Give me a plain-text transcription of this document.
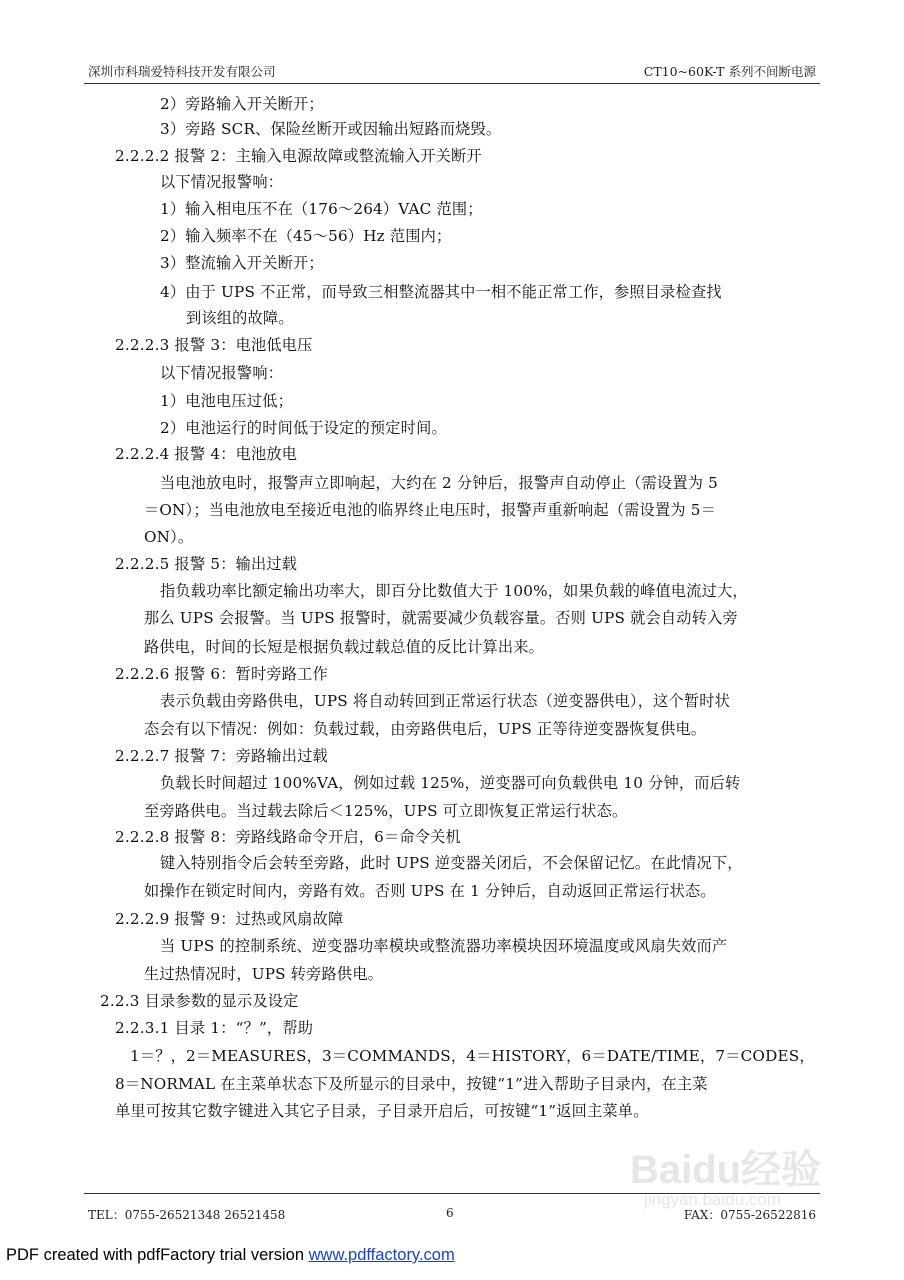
深圳市科瑞爱特科技开发有限公司	CT10~60K-T 系列不间断电源
2）旁路输入开关断开；
3）旁路 SCR、保险丝断开或因输出短路而烧毁。
2.2.2.2 报警 2：主输入电源故障或整流输入开关断开
以下情况报警响：
1）输入相电压不在（176～264）VAC 范围；
2）输入频率不在（45～56）Hz 范围内；
3）整流输入开关断开；
4）由于 UPS 不正常，而导致三相整流器其中一相不能正常工作，参照目录检查找
到该组的故障。
2.2.2.3 报警 3：电池低电压
以下情况报警响：
1）电池电压过低；
2）电池运行的时间低于设定的预定时间。
2.2.2.4 报警 4：电池放电
当电池放电时，报警声立即响起，大约在 2 分钟后，报警声自动停止（需设置为 5
＝ON）；当电池放电至接近电池的临界终止电压时，报警声重新响起（需设置为 5＝
ON）。
2.2.2.5 报警 5：输出过载
指负载功率比额定输出功率大，即百分比数值大于 100%，如果负载的峰值电流过大，
那么 UPS 会报警。当 UPS 报警时，就需要减少负载容量。否则 UPS 就会自动转入旁
路供电，时间的长短是根据负载过载总值的反比计算出来。
2.2.2.6 报警 6：暂时旁路工作
表示负载由旁路供电，UPS 将自动转回到正常运行状态（逆变器供电），这个暂时状
态会有以下情况：例如：负载过载，由旁路供电后，UPS 正等待逆变器恢复供电。
2.2.2.7 报警 7：旁路输出过载
负载长时间超过 100%VA，例如过载 125%，逆变器可向负载供电 10 分钟，而后转
至旁路供电。当过载去除后＜125%，UPS 可立即恢复正常运行状态。
2.2.2.8 报警 8：旁路线路命令开启，6＝命令关机
键入特别指令后会转至旁路，此时 UPS 逆变器关闭后，不会保留记忆。在此情况下，
如操作在锁定时间内，旁路有效。否则 UPS 在 1 分钟后，自动返回正常运行状态。
2.2.2.9 报警 9：过热或风扇故障
当 UPS 的控制系统、逆变器功率模块或整流器功率模块因环境温度或风扇失效而产
生过热情况时，UPS 转旁路供电。
2.2.3 目录参数的显示及设定
2.2.3.1 目录 1：“？”，帮助
1＝？，2＝MEASURES，3＝COMMANDS，4＝HISTORY，6＝DATE/TIME，7＝CODES，
8＝NORMAL 在主菜单状态下及所显示的目录中，按键“1”进入帮助子目录内，在主菜
单里可按其它数字键进入其它子目录，子目录开启后，可按键“1”返回主菜单。
Baidu经验
jingyan.baidu.com
TEL：0755-26521348 26521458	6	FAX：0755-26522816
PDF created with pdfFactory trial version www.pdffactory.com
